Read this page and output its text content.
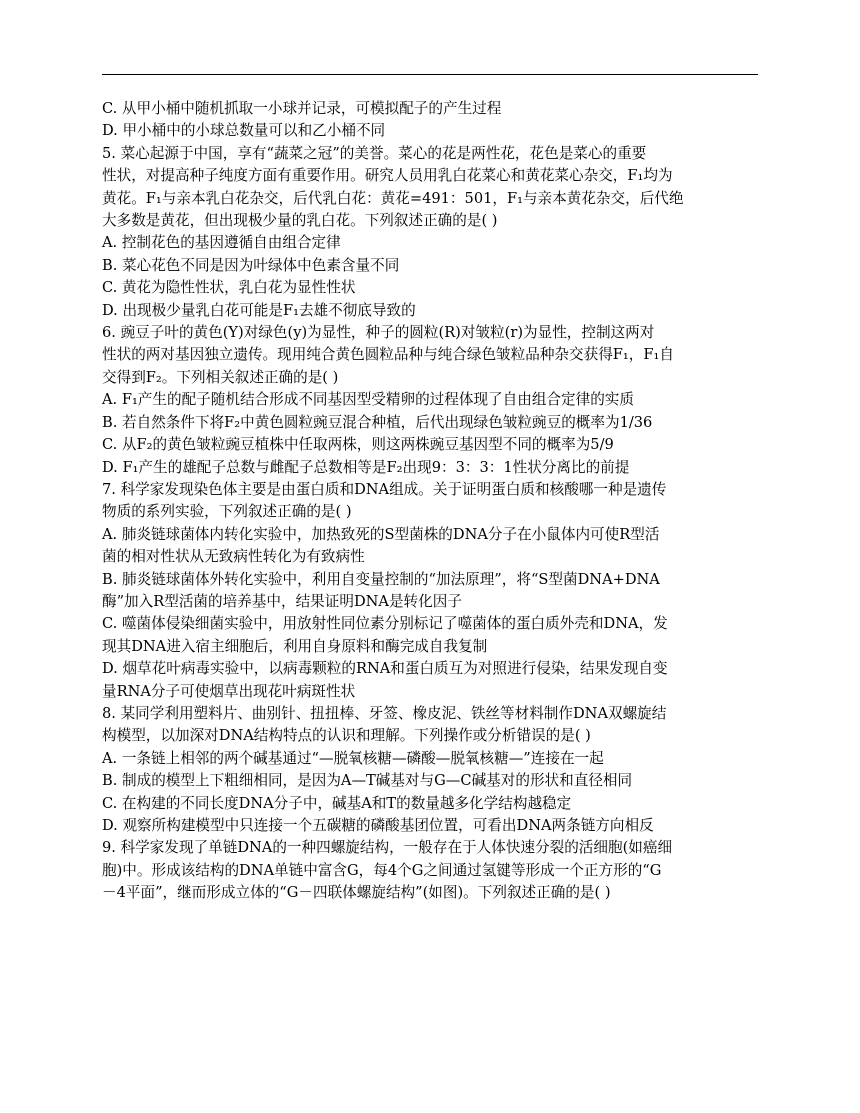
C. 从甲小桶中随机抓取一小球并记录，可模拟配子的产生过程
D. 甲小桶中的小球总数量可以和乙小桶不同
5. 菜心起源于中国，享有“蔬菜之冠”的美誉。菜心的花是两性花，花色是菜心的重要
性状，对提高种子纯度方面有重要作用。研究人员用乳白花菜心和黄花菜心杂交，F₁均为
黄花。F₁与亲本乳白花杂交，后代乳白花：黄花=491：501，F₁与亲本黄花杂交，后代绝
大多数是黄花，但出现极少量的乳白花。下列叙述正确的是( )
A. 控制花色的基因遵循自由组合定律
B. 菜心花色不同是因为叶绿体中色素含量不同
C. 黄花为隐性性状，乳白花为显性性状
D. 出现极少量乳白花可能是F₁去雄不彻底导致的
6. 豌豆子叶的黄色(Y)对绿色(y)为显性，种子的圆粒(R)对皱粒(r)为显性，控制这两对
性状的两对基因独立遗传。现用纯合黄色圆粒品种与纯合绿色皱粒品种杂交获得F₁，F₁自
交得到F₂。下列相关叙述正确的是( )
A. F₁产生的配子随机结合形成不同基因型受精卵的过程体现了自由组合定律的实质
B. 若自然条件下将F₂中黄色圆粒豌豆混合种植，后代出现绿色皱粒豌豆的概率为1/36
C. 从F₂的黄色皱粒豌豆植株中任取两株，则这两株豌豆基因型不同的概率为5/9
D. F₁产生的雄配子总数与雌配子总数相等是F₂出现9：3：3：1性状分离比的前提
7. 科学家发现染色体主要是由蛋白质和DNA组成。关于证明蛋白质和核酸哪一种是遗传
物质的系列实验，下列叙述正确的是( )
A. 肺炎链球菌体内转化实验中，加热致死的S型菌株的DNA分子在小鼠体内可使R型活
菌的相对性状从无致病性转化为有致病性
B. 肺炎链球菌体外转化实验中，利用自变量控制的“加法原理”，将“S型菌DNA+DNA
酶”加入R型活菌的培养基中，结果证明DNA是转化因子
C. 噬菌体侵染细菌实验中，用放射性同位素分别标记了噬菌体的蛋白质外壳和DNA，发
现其DNA进入宿主细胞后，利用自身原料和酶完成自我复制
D. 烟草花叶病毒实验中，以病毒颗粒的RNA和蛋白质互为对照进行侵染，结果发现自变
量RNA分子可使烟草出现花叶病斑性状
8. 某同学利用塑料片、曲别针、扭扭棒、牙签、橡皮泥、铁丝等材料制作DNA双螺旋结
构模型，以加深对DNA结构特点的认识和理解。下列操作或分析错误的是( )
A. 一条链上相邻的两个碱基通过“—脱氧核糖—磷酸—脱氧核糖—”连接在一起
B. 制成的模型上下粗细相同，是因为A—T碱基对与G—C碱基对的形状和直径相同
C. 在构建的不同长度DNA分子中，碱基A和T的数量越多化学结构越稳定
D. 观察所构建模型中只连接一个五碳糖的磷酸基团位置，可看出DNA两条链方向相反
9. 科学家发现了单链DNA的一种四螺旋结构，一般存在于人体快速分裂的活细胞(如癌细
胞)中。形成该结构的DNA单链中富含G，每4个G之间通过氢键等形成一个正方形的“G
－4平面”，继而形成立体的“G－四联体螺旋结构”(如图)。下列叙述正确的是( )
